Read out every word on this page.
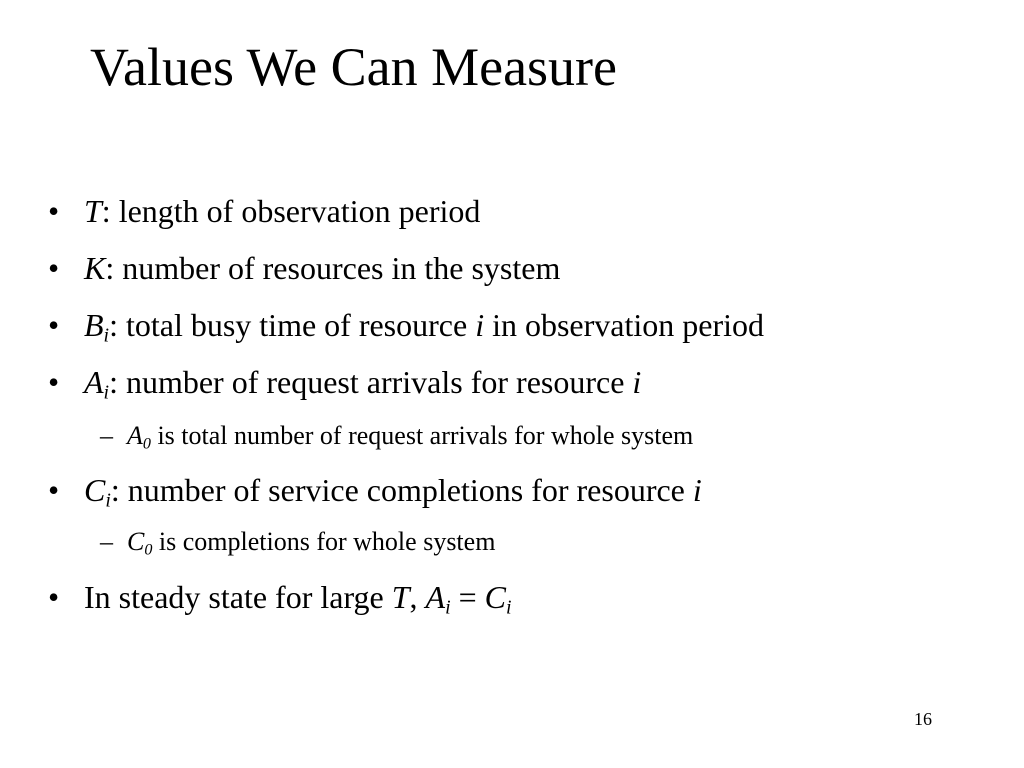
Values We Can Measure
• T: length of observation period
• K: number of resources in the system
• $B_i$: total busy time of resource i in observation period
• $A_i$: number of request arrivals for resource i
– $A_0$ is total number of request arrivals for whole system
• $C_i$: number of service completions for resource i
– $C_0$ is completions for whole system
• In steady state for large T, $A_i = C_i$
16
